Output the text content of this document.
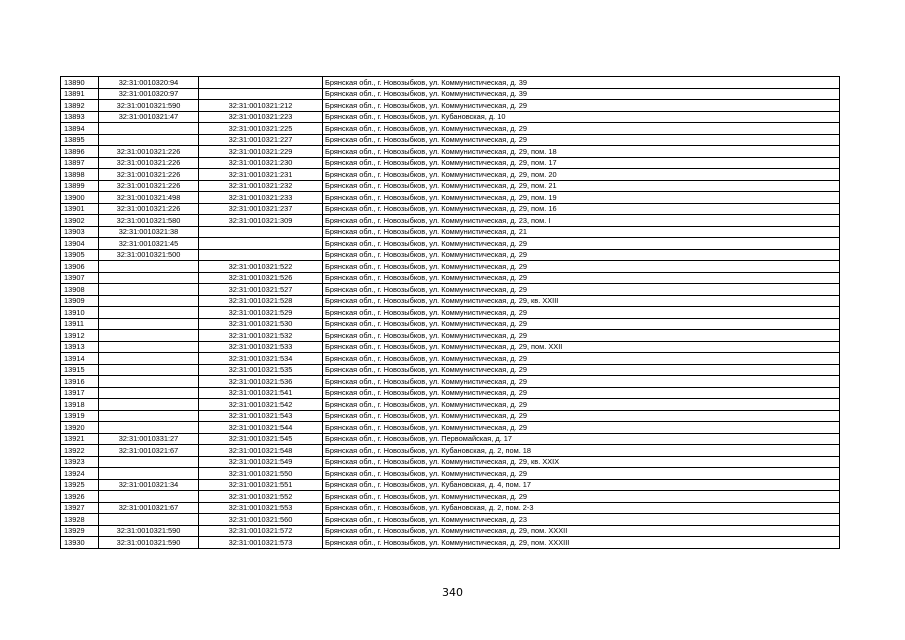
13890	32:31:0010320:94		Брянская обл., г. Новозыбков, ул. Коммунистическая, д. 39
13891	32:31:0010320:97		Брянская обл., г. Новозыбков, ул. Коммунистическая, д. 39
13892	32:31:0010321:590	32:31:0010321:212	Брянская обл., г. Новозыбков, ул. Коммунистическая, д. 29
13893	32:31:0010321:47	32:31:0010321:223	Брянская обл., г. Новозыбков, ул. Кубановская, д. 10
13894		32:31:0010321:225	Брянская обл., г. Новозыбков, ул. Коммунистическая, д. 29
13895		32:31:0010321:227	Брянская обл., г. Новозыбков, ул. Коммунистическая, д. 29
13896	32:31:0010321:226	32:31:0010321:229	Брянская обл., г. Новозыбков, ул. Коммунистическая, д. 29, пом. 18
13897	32:31:0010321:226	32:31:0010321:230	Брянская обл., г. Новозыбков, ул. Коммунистическая, д. 29, пом. 17
13898	32:31:0010321:226	32:31:0010321:231	Брянская обл., г. Новозыбков, ул. Коммунистическая, д. 29, пом. 20
13899	32:31:0010321:226	32:31:0010321:232	Брянская обл., г. Новозыбков, ул. Коммунистическая, д. 29, пом. 21
13900	32:31:0010321:498	32:31:0010321:233	Брянская обл., г. Новозыбков, ул. Коммунистическая, д. 29, пом. 19
13901	32:31:0010321:226	32:31:0010321:237	Брянская обл., г. Новозыбков, ул. Коммунистическая, д. 29, пом. 16
13902	32:31:0010321:580	32:31:0010321:309	Брянская обл., г. Новозыбков, ул. Коммунистическая, д. 23, пом. I
13903	32:31:0010321:38		Брянская обл., г. Новозыбков, ул. Коммунистическая, д. 21
13904	32:31:0010321:45		Брянская обл., г. Новозыбков, ул. Коммунистическая, д. 29
13905	32:31:0010321:500		Брянская обл., г. Новозыбков, ул. Коммунистическая, д. 29
13906		32:31:0010321:522	Брянская обл., г. Новозыбков, ул. Коммунистическая, д. 29
13907		32:31:0010321:526	Брянская обл., г. Новозыбков, ул. Коммунистическая, д. 29
13908		32:31:0010321:527	Брянская обл., г. Новозыбков, ул. Коммунистическая, д. 29
13909		32:31:0010321:528	Брянская обл., г. Новозыбков, ул. Коммунистическая, д. 29, кв. XXIII
13910		32:31:0010321:529	Брянская обл., г. Новозыбков, ул. Коммунистическая, д. 29
13911		32:31:0010321:530	Брянская обл., г. Новозыбков, ул. Коммунистическая, д. 29
13912		32:31:0010321:532	Брянская обл., г. Новозыбков, ул. Коммунистическая, д. 29
13913		32:31:0010321:533	Брянская обл., г. Новозыбков, ул. Коммунистическая, д. 29, пом. XXII
13914		32:31:0010321:534	Брянская обл., г. Новозыбков, ул. Коммунистическая, д. 29
13915		32:31:0010321:535	Брянская обл., г. Новозыбков, ул. Коммунистическая, д. 29
13916		32:31:0010321:536	Брянская обл., г. Новозыбков, ул. Коммунистическая, д. 29
13917		32:31:0010321:541	Брянская обл., г. Новозыбков, ул. Коммунистическая, д. 29
13918		32:31:0010321:542	Брянская обл., г. Новозыбков, ул. Коммунистическая, д. 29
13919		32:31:0010321:543	Брянская обл., г. Новозыбков, ул. Коммунистическая, д. 29
13920		32:31:0010321:544	Брянская обл., г. Новозыбков, ул. Коммунистическая, д. 29
13921	32:31:0010331:27	32:31:0010321:545	Брянская обл., г. Новозыбков, ул. Первомайская, д. 17
13922	32:31:0010321:67	32:31:0010321:548	Брянская обл., г. Новозыбков, ул. Кубановская, д. 2, пом. 18
13923		32:31:0010321:549	Брянская обл., г. Новозыбков, ул. Коммунистическая, д. 29, кв. XXIX
13924		32:31:0010321:550	Брянская обл., г. Новозыбков, ул. Коммунистическая, д. 29
13925	32:31:0010321:34	32:31:0010321:551	Брянская обл., г. Новозыбков, ул. Кубановская, д. 4, пом. 17
13926		32:31:0010321:552	Брянская обл., г. Новозыбков, ул. Коммунистическая, д. 29
13927	32:31:0010321:67	32:31:0010321:553	Брянская обл., г. Новозыбков, ул. Кубановская, д. 2, пом. 2-3
13928		32:31:0010321:560	Брянская обл., г. Новозыбков, ул. Коммунистическая, д. 23
13929	32:31:0010321:590	32:31:0010321:572	Брянская обл., г. Новозыбков, ул. Коммунистическая, д. 29, пом. XXXII
13930	32:31:0010321:590	32:31:0010321:573	Брянская обл., г. Новозыбков, ул. Коммунистическая, д. 29, пом. XXXIII
340
